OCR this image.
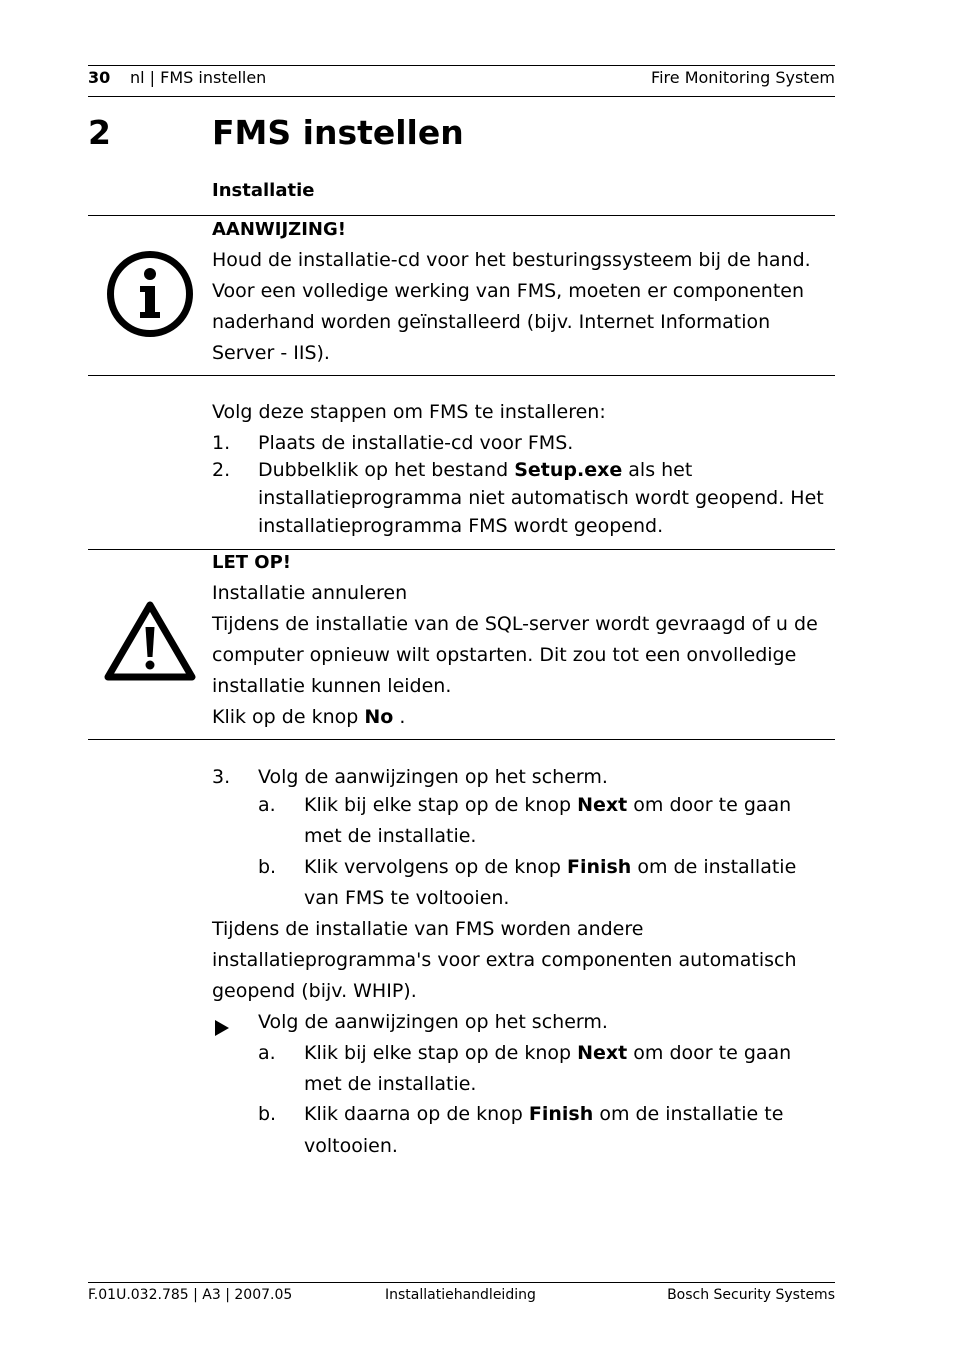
30 nl | FMS instellen	Fire Monitoring System
2	FMS instellen
Installatie
AANWIJZING!
Houd de installatie-cd voor het besturingssysteem bij de hand.
Voor een volledige werking van FMS, moeten er componenten
naderhand worden geïnstalleerd (bijv. Internet Information
Server - IIS).
Volg deze stappen om FMS te installeren:
1. Plaats de installatie-cd voor FMS.
2. Dubbelklik op het bestand Setup.exe als het
installatieprogramma niet automatisch wordt geopend. Het
installatieprogramma FMS wordt geopend.
LET OP!
Installatie annuleren
Tijdens de installatie van de SQL-server wordt gevraagd of u de
computer opnieuw wilt opstarten. Dit zou tot een onvolledige
installatie kunnen leiden.
Klik op de knop No .
3. Volg de aanwijzingen op het scherm.
a. Klik bij elke stap op de knop Next om door te gaan
met de installatie.
b. Klik vervolgens op de knop Finish om de installatie
van FMS te voltooien.
Tijdens de installatie van FMS worden andere
installatieprogramma's voor extra componenten automatisch
geopend (bijv. WHIP).
Volg de aanwijzingen op het scherm.
a. Klik bij elke stap op de knop Next om door te gaan
met de installatie.
b. Klik daarna op de knop Finish om de installatie te
voltooien.
F.01U.032.785 | A3 | 2007.05	Installatiehandleiding	Bosch Security Systems
